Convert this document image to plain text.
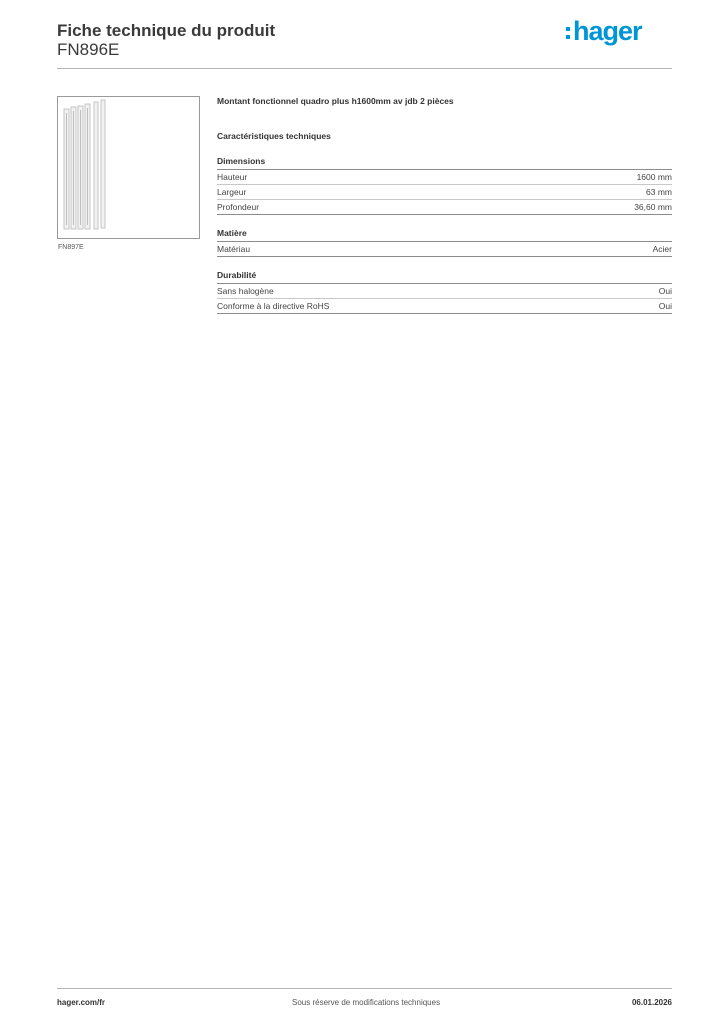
Fiche technique du produit
FN896E
hager
FN897E
Montant fonctionnel quadro plus h1600mm av jdb 2 pièces
Caractéristiques techniques
Dimensions
Hauteur	1600 mm
Largeur	63 mm
Profondeur	36,60 mm
Matière
Matériau	Acier
Durabilité
Sans halogène	Oui
Conforme à la directive RoHS	Oui
hager.com/fr	Sous réserve de modifications techniques	06.01.2026
